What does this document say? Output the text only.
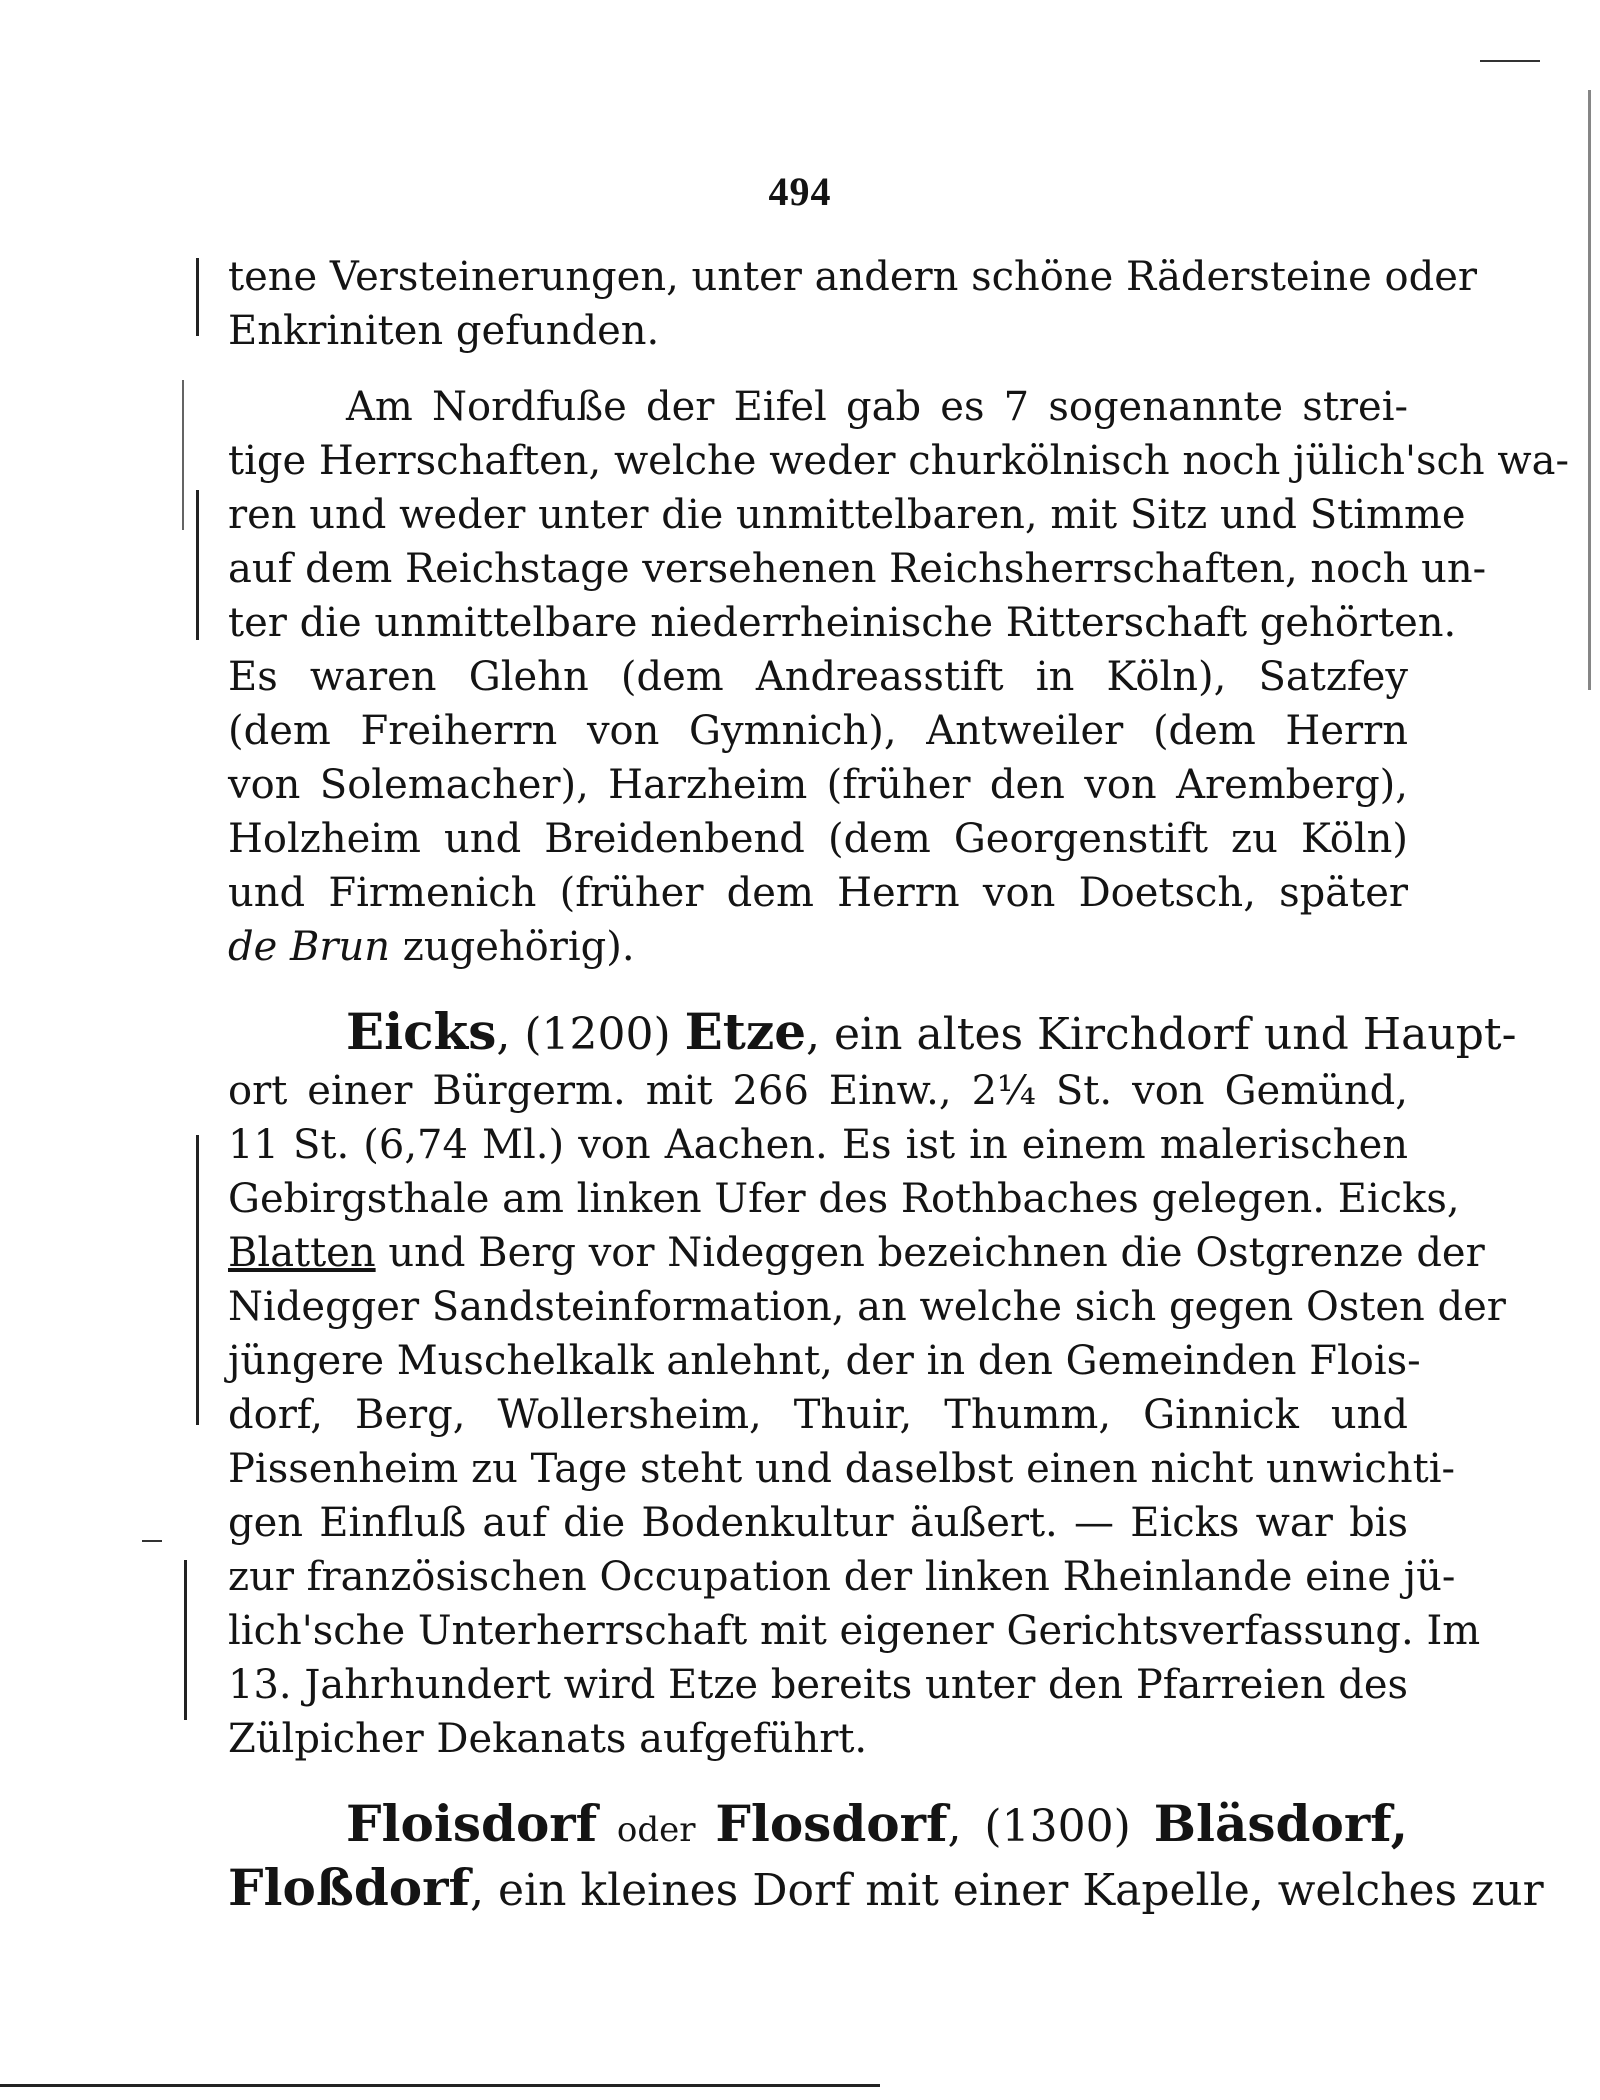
494
tene Versteinerungen, unter andern schöne Rädersteine oder
Enkriniten gefunden.
Am Nordfuße der Eifel gab es 7 sogenannte strei-
tige Herrschaften, welche weder churkölnisch noch jülich'sch wa-
ren und weder unter die unmittelbaren, mit Sitz und Stimme
auf dem Reichstage versehenen Reichsherrschaften, noch un-
ter die unmittelbare niederrheinische Ritterschaft gehörten.
Es waren Glehn (dem Andreasstift in Köln), Satzfey
(dem Freiherrn von Gymnich), Antweiler (dem Herrn
von Solemacher), Harzheim (früher den von Aremberg),
Holzheim und Breidenbend (dem Georgenstift zu Köln)
und Firmenich (früher dem Herrn von Doetsch, später
de Brun zugehörig).
Eicks, (1200) Etze, ein altes Kirchdorf und Haupt-
ort einer Bürgerm. mit 266 Einw., 2¼ St. von Gemünd,
11 St. (6,74 Ml.) von Aachen. Es ist in einem malerischen
Gebirgsthale am linken Ufer des Rothbaches gelegen. Eicks,
Blatten und Berg vor Nideggen bezeichnen die Ostgrenze der
Nidegger Sandsteinformation, an welche sich gegen Osten der
jüngere Muschelkalk anlehnt, der in den Gemeinden Flois-
dorf, Berg, Wollersheim, Thuir, Thumm, Ginnick und
Pissenheim zu Tage steht und daselbst einen nicht unwichti-
gen Einfluß auf die Bodenkultur äußert. — Eicks war bis
zur französischen Occupation der linken Rheinlande eine jü-
lich'sche Unterherrschaft mit eigener Gerichtsverfassung. Im
13. Jahrhundert wird Etze bereits unter den Pfarreien des
Zülpicher Dekanats aufgeführt.
Floisdorf oder Flosdorf, (1300) Bläsdorf,
Floßdorf, ein kleines Dorf mit einer Kapelle, welches zur
